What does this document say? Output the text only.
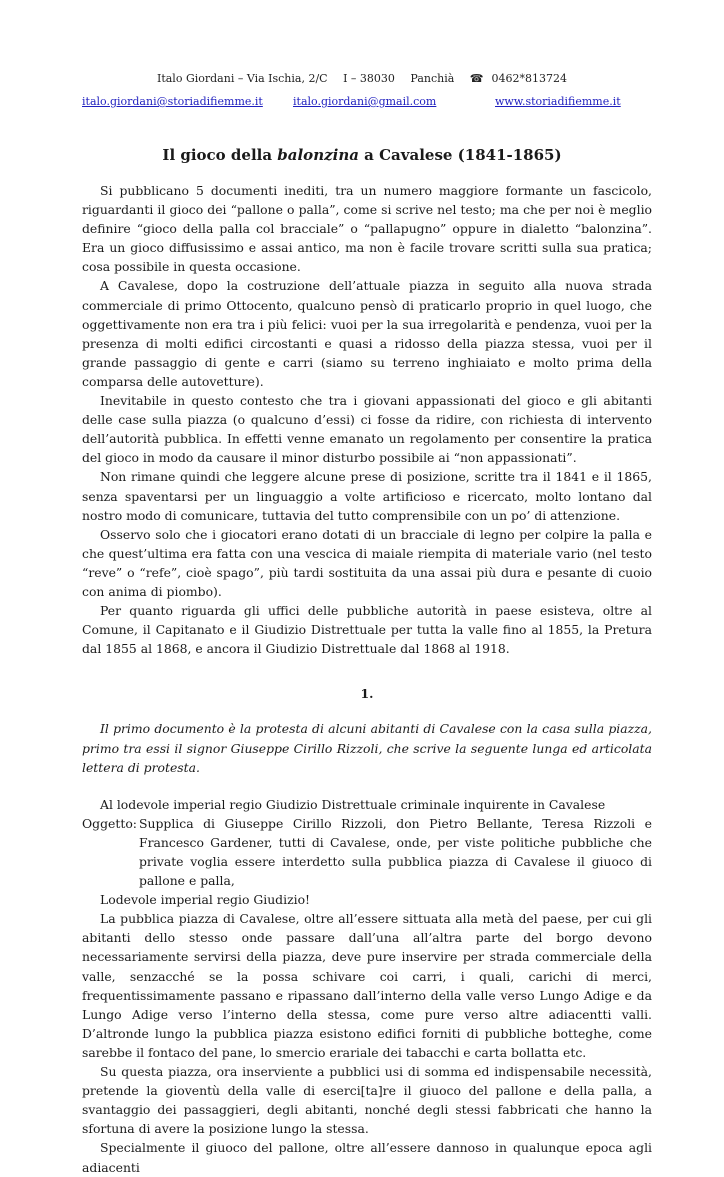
Italo Giordani – Via Ischia, 2/C I – 38030 Panchià ☎ 0462*813724
italo.giordani@storiadifiemme.it	italo.giordani@gmail.com	www.storiadifiemme.it
Il gioco della balonzina a Cavalese (1841-1865)

Si pubblicano 5 documenti inediti, tra un numero maggiore formante un fascicolo, riguardanti il gioco dei “pallone o palla”, come si scrive nel testo; ma che per noi è meglio definire “gioco della palla col bracciale” o “pallapugno” oppure in dialetto “balonzina”. Era un gioco diffusissimo e assai antico, ma non è facile trovare scritti sulla sua pratica; cosa possibile in questa occasione.

A Cavalese, dopo la costruzione dell’attuale piazza in seguito alla nuova strada commerciale di primo Ottocento, qualcuno pensò di praticarlo proprio in quel luogo, che oggettivamente non era tra i più felici: vuoi per la sua irregolarità e pendenza, vuoi per la presenza di molti edifici circostanti e quasi a ridosso della piazza stessa, vuoi per il grande passaggio di gente e carri (siamo su terreno inghiaiato e molto prima della comparsa delle autovetture).

Inevitabile in questo contesto che tra i giovani appassionati del gioco e gli abitanti delle case sulla piazza (o qualcuno d’essi) ci fosse da ridire, con richiesta di intervento dell’autorità pubblica. In effetti venne emanato un regolamento per consentire la pratica del gioco in modo da causare il minor disturbo possibile ai “non appassionati”.

Non rimane quindi che leggere alcune prese di posizione, scritte tra il 1841 e il 1865, senza spaventarsi per un linguaggio a volte artificioso e ricercato, molto lontano dal nostro modo di comunicare, tuttavia del tutto comprensibile con un po’ di attenzione.

Osservo solo che i giocatori erano dotati di un bracciale di legno per colpire la palla e che quest’ultima era fatta con una vescica di maiale riempita di materiale vario (nel testo “reve” o “refe”, cioè spago”, più tardi sostituita da una assai più dura e pesante di cuoio con anima di piombo).

Per quanto riguarda gli uffici delle pubbliche autorità in paese esisteva, oltre al Comune, il Capitanato e il Giudizio Distrettuale per tutta la valle fino al 1855, la Pretura dal 1855 al 1868, e ancora il Giudizio Distrettuale dal 1868 al 1918.

1.

Il primo documento è la protesta di alcuni abitanti di Cavalese con la casa sulla piazza, primo tra essi il signor Giuseppe Cirillo Rizzoli, che scrive la seguente lunga ed articolata lettera di protesta.

Al lodevole imperial regio Giudizio Distrettuale criminale inquirente in Cavalese

Oggetto: Supplica di Giuseppe Cirillo Rizzoli, don Pietro Bellante, Teresa Rizzoli e Francesco Gardener, tutti di Cavalese, onde, per viste politiche pubbliche che private voglia essere interdetto sulla pubblica piazza di Cavalese il giuoco di pallone e palla,

Lodevole imperial regio Giudizio!

La pubblica piazza di Cavalese, oltre all’essere sittuata alla metà del paese, per cui gli abitanti dello stesso onde passare dall’una all’altra parte del borgo devono necessariamente servirsi della piazza, deve pure inservire per strada commerciale della valle, senzacché se la possa schivare coi carri, i quali, carichi di merci, frequentissimamente passano e ripassano dall’interno della valle verso Lungo Adige e da Lungo Adige verso l’interno della stessa, come pure verso altre adiacentti valli. D’altronde lungo la pubblica piazza esistono edifici forniti di pubbliche botteghe, come sarebbe il fontaco del pane, lo smercio erariale dei tabacchi e carta bollatta etc.

Su questa piazza, ora inserviente a pubblici usi di somma ed indispensabile necessità, pretende la gioventù della valle di eserci[ta]re il giuoco del pallone e della palla, a svantaggio dei passaggieri, degli abitanti, nonché degli stessi fabbricati che hanno la sfortuna di avere la posizione lungo la stessa.

Specialmente il giuoco del pallone, oltre all’essere dannoso in qualunque epoca agli adiacenti
